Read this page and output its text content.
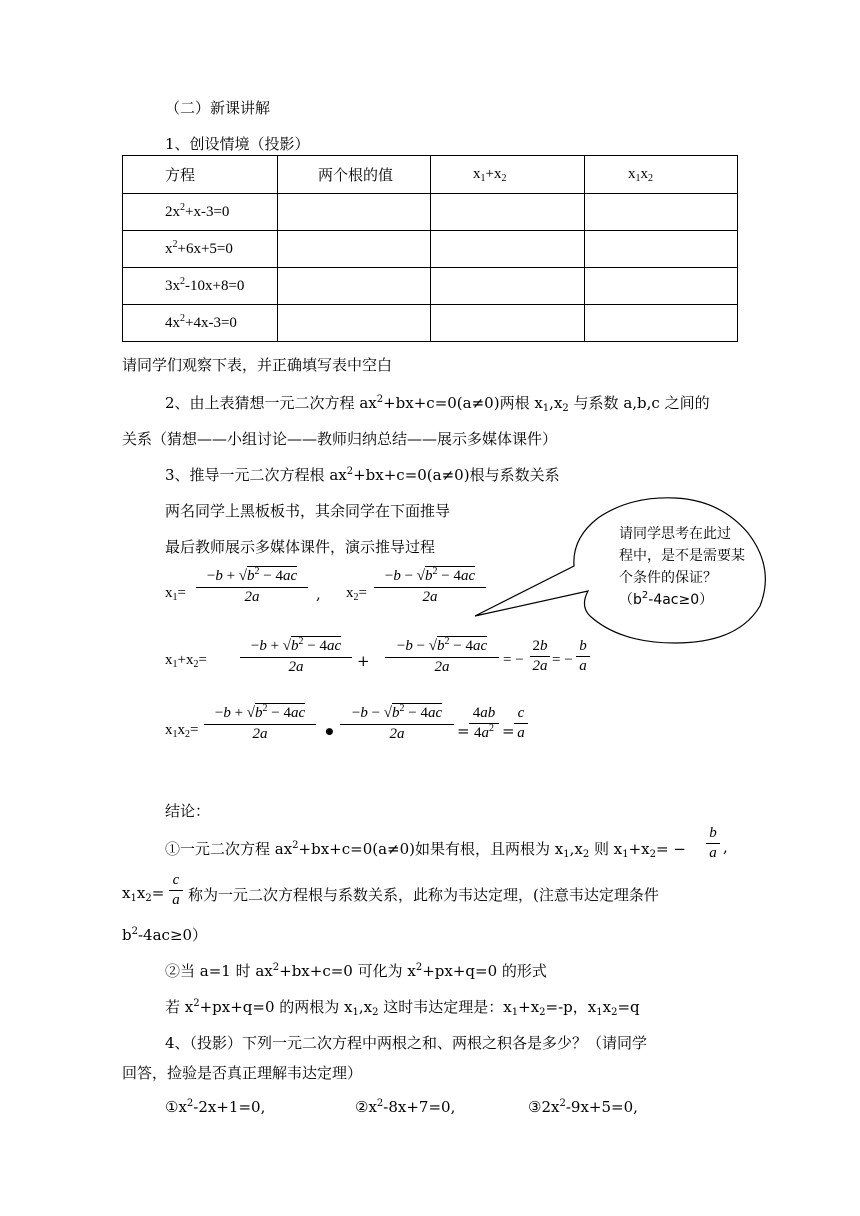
（二）新课讲解
1、创设情境（投影）
方程	两个根的值	$x_1+x_2$	$x_1x_2$
$2x^2+x-3=0$			
$x^2+6x+5=0$			
$3x^2-10x+8=0$			
$4x^2+4x-3=0$			
请同学们观察下表，并正确填写表中空白
2、由上表猜想一元二次方程 $ax^2+bx+c=0(a\ne 0)$两根 $x_1,x_2$ 与系数 a,b,c 之间的
关系（猜想——小组讨论——教师归纳总结——展示多媒体课件）
3、推导一元二次方程根 $ax^2+bx+c=0(a\ne 0)$根与系数关系
两名同学上黑板板书，其余同学在下面推导
最后教师展示多媒体课件，演示推导过程
请同学思考在此过
程中，是不是需要某
个条件的保证？
$(b^2-4ac\ge 0)$
$x_1= \frac{-b + √b^2 - 4ac}{2a}$ , $x_2= \frac{-b - √b^2 - 4ac}{2a}$
$x_1+x_2= \frac{-b + √b^2 - 4ac}{2a} + \frac{-b - √b^2 - 4ac}{2a}$ = −
2b
2a = −
b
a
$x_1x_2= \frac{-b + √b^2 - 4ac}{2a}$ • $\frac{-b - √b^2 - 4ac}{2a}$ =
4ab
$4a^2$ =
c
a
结论：
①一元二次方程 $ax^2+bx+c=0(a\ne 0)$如果有根，且两根为 $x_1,x_2$ 则 $x_1+x_2=$ −
b
a ,
$x_1x_2=$
c
a 称为一元二次方程根与系数关系，此称为韦达定理，(注意韦达定理条件
$b^2-4ac\ge 0$）
②当 a=1 时 $ax^2+bx+c=0$ 可化为 $x^2+px+q=0$ 的形式
若 $x^2+px+q=0$ 的两根为 $x_1,x_2$ 这时韦达定理是：$x_1+x_2=-p$，$x_1x_2=q$
4、（投影）下列一元二次方程中两根之和、两根之积各是多少？（请同学
回答，捡验是否真正理解韦达定理）
$①x^2-2x+1=0$,	$②x^2-8x+7=0$,	$③2x^2-9x+5=0$,
